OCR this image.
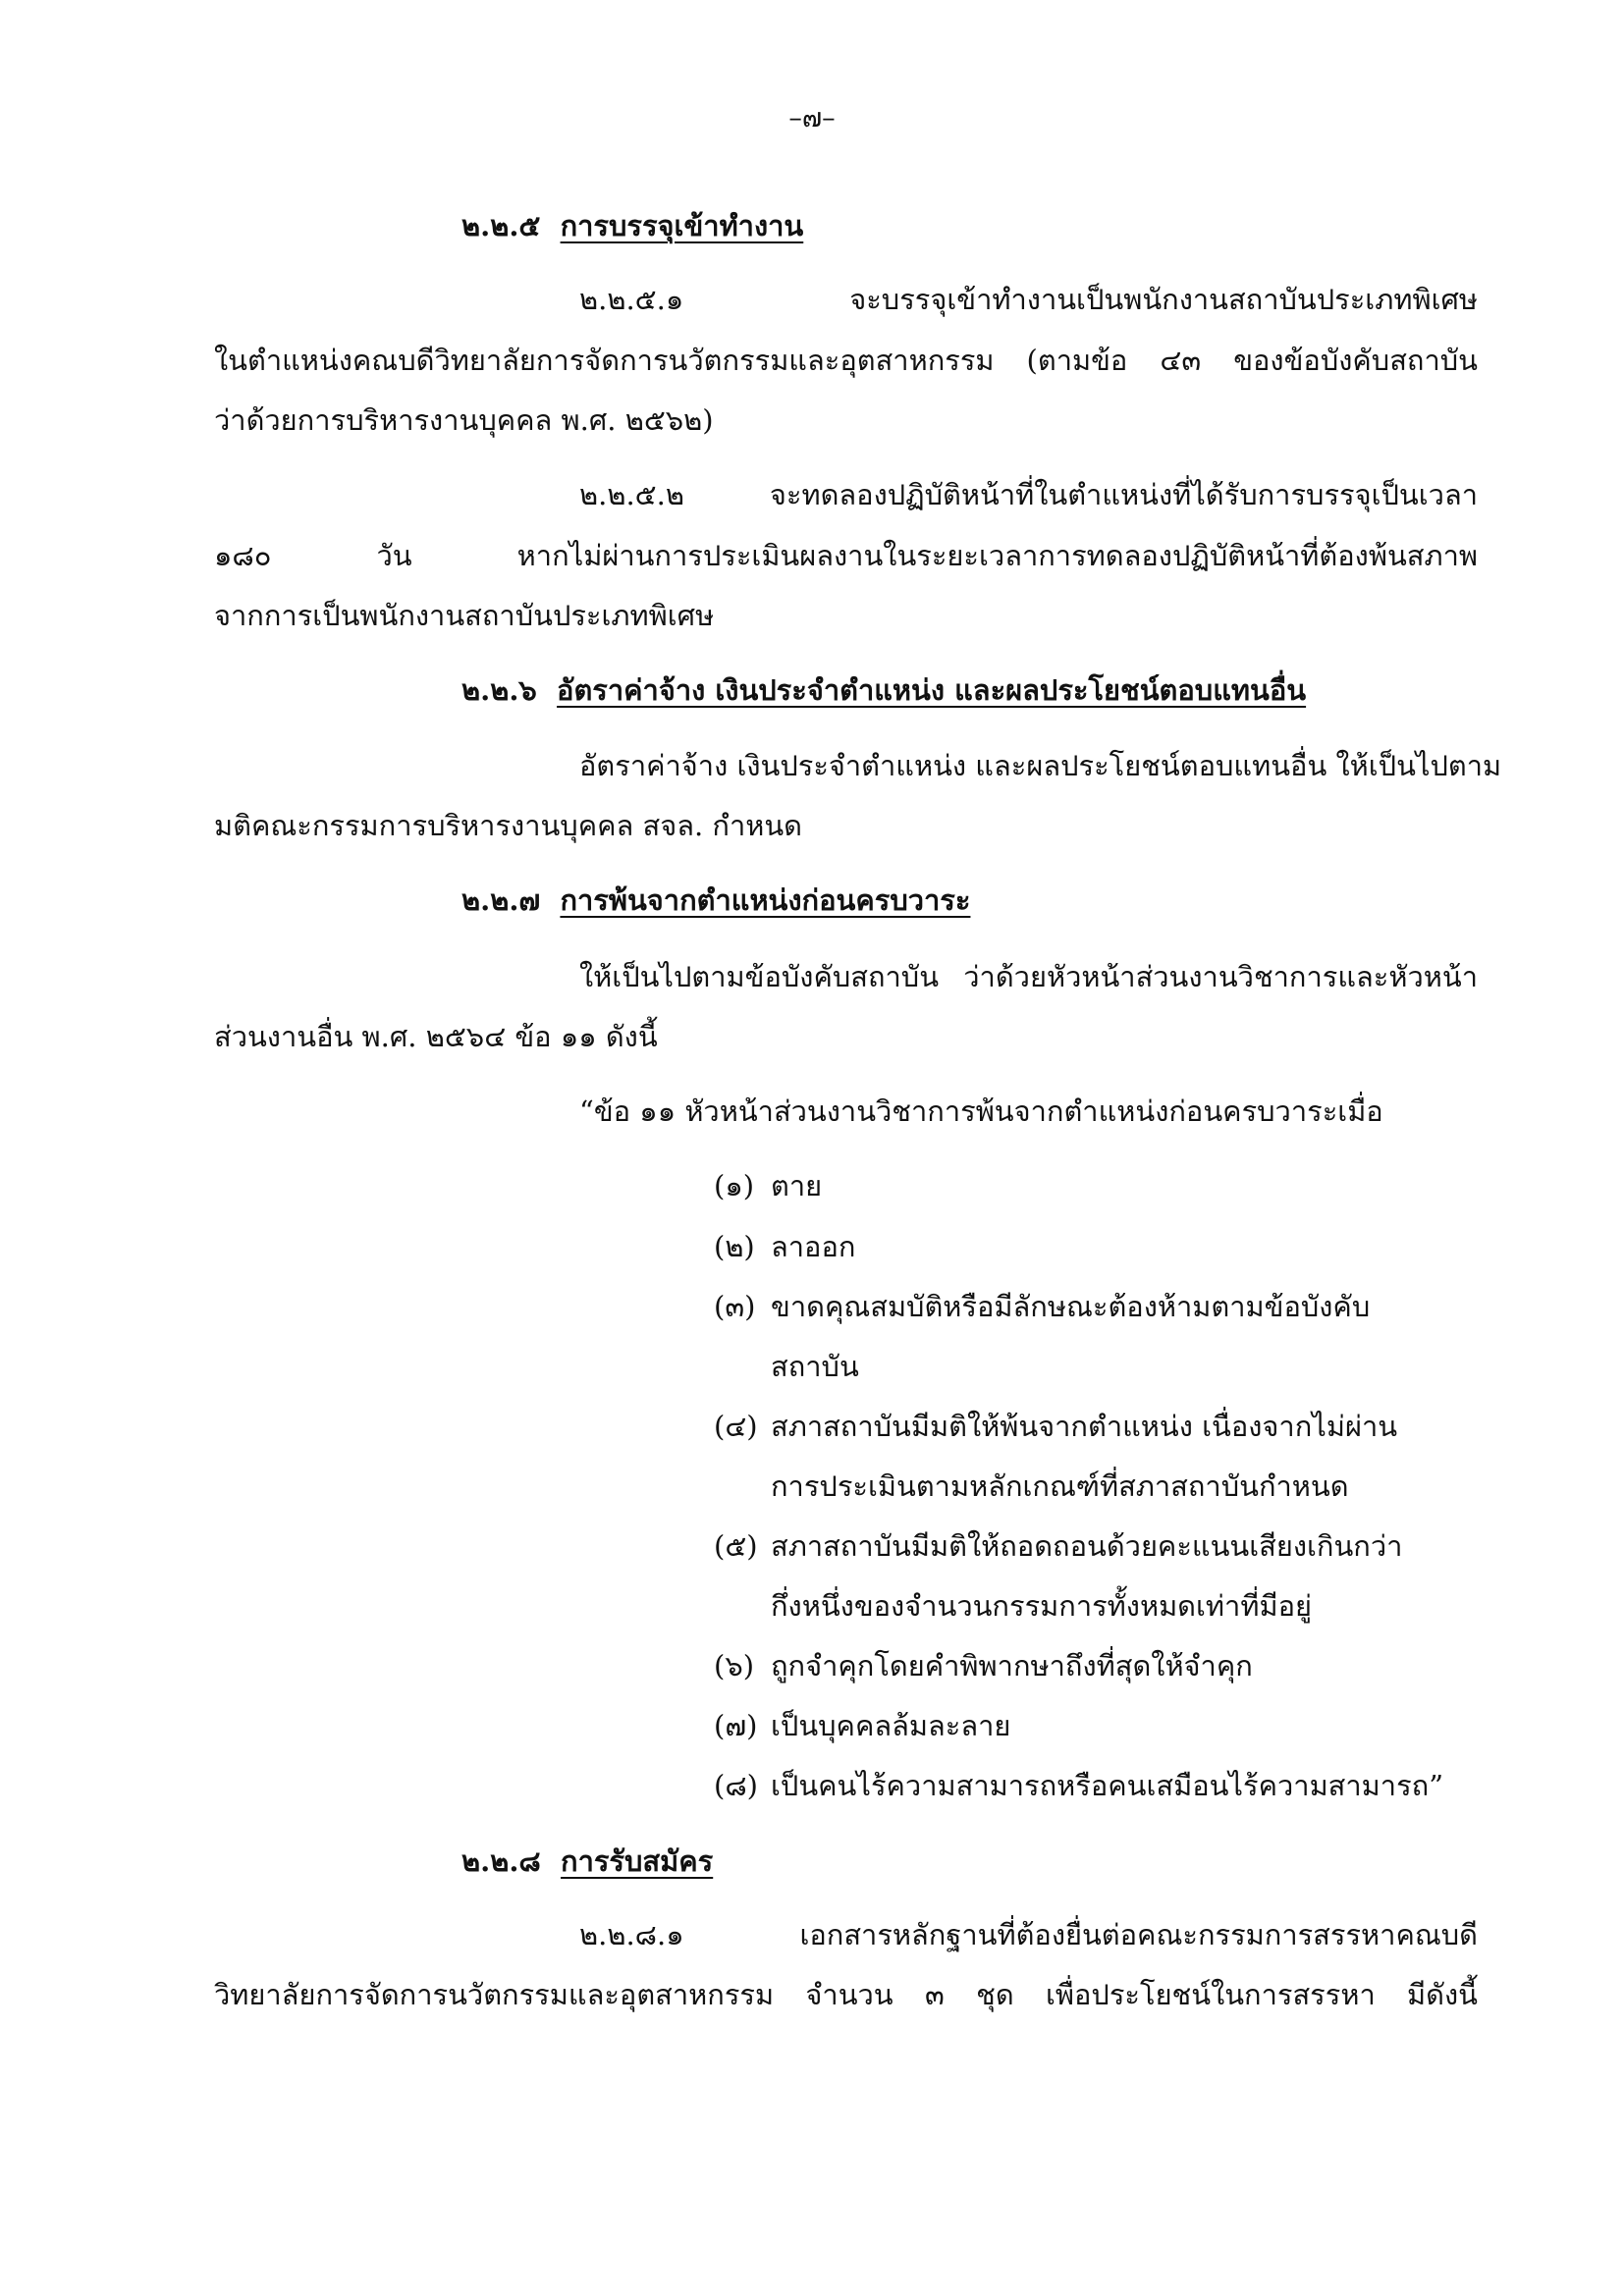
–๗–
๒.๒.๕ การบรรจุเข้าทำงาน
๒.๒.๕.๑ จะบรรจุเข้าทำงานเป็นพนักงานสถาบันประเภทพิเศษ
ในตำแหน่งคณบดีวิทยาลัยการจัดการนวัตกรรมและอุตสาหกรรม (ตามข้อ ๔๓ ของข้อบังคับสถาบัน
ว่าด้วยการบริหารงานบุคคล พ.ศ. ๒๕๖๒)
๒.๒.๕.๒ จะทดลองปฏิบัติหน้าที่ในตำแหน่งที่ได้รับการบรรจุเป็นเวลา
๑๘๐ วัน หากไม่ผ่านการประเมินผลงานในระยะเวลาการทดลองปฏิบัติหน้าที่ต้องพ้นสภาพ
จากการเป็นพนักงานสถาบันประเภทพิเศษ
๒.๒.๖ อัตราค่าจ้าง เงินประจำตำแหน่ง และผลประโยชน์ตอบแทนอื่น
อัตราค่าจ้าง เงินประจำตำแหน่ง และผลประโยชน์ตอบแทนอื่น ให้เป็นไปตาม
มติคณะกรรมการบริหารงานบุคคล สจล. กำหนด
๒.๒.๗ การพ้นจากตำแหน่งก่อนครบวาระ
ให้เป็นไปตามข้อบังคับสถาบัน ว่าด้วยหัวหน้าส่วนงานวิชาการและหัวหน้า
ส่วนงานอื่น พ.ศ. ๒๕๖๔ ข้อ ๑๑ ดังนี้
“ข้อ ๑๑ หัวหน้าส่วนงานวิชาการพ้นจากตำแหน่งก่อนครบวาระเมื่อ
(๑) ตาย
(๒) ลาออก
(๓) ขาดคุณสมบัติหรือมีลักษณะต้องห้ามตามข้อบังคับ
สถาบัน
(๔) สภาสถาบันมีมติให้พ้นจากตำแหน่ง เนื่องจากไม่ผ่าน
การประเมินตามหลักเกณฑ์ที่สภาสถาบันกำหนด
(๕) สภาสถาบันมีมติให้ถอดถอนด้วยคะแนนเสียงเกินกว่า
กึ่งหนึ่งของจำนวนกรรมการทั้งหมดเท่าที่มีอยู่
(๖) ถูกจำคุกโดยคำพิพากษาถึงที่สุดให้จำคุก
(๗) เป็นบุคคลล้มละลาย
(๘) เป็นคนไร้ความสามารถหรือคนเสมือนไร้ความสามารถ”
๒.๒.๘ การรับสมัคร
๒.๒.๘.๑ เอกสารหลักฐานที่ต้องยื่นต่อคณะกรรมการสรรหาคณบดี
วิทยาลัยการจัดการนวัตกรรมและอุตสาหกรรม จำนวน ๓ ชุด เพื่อประโยชน์ในการสรรหา มีดังนี้
